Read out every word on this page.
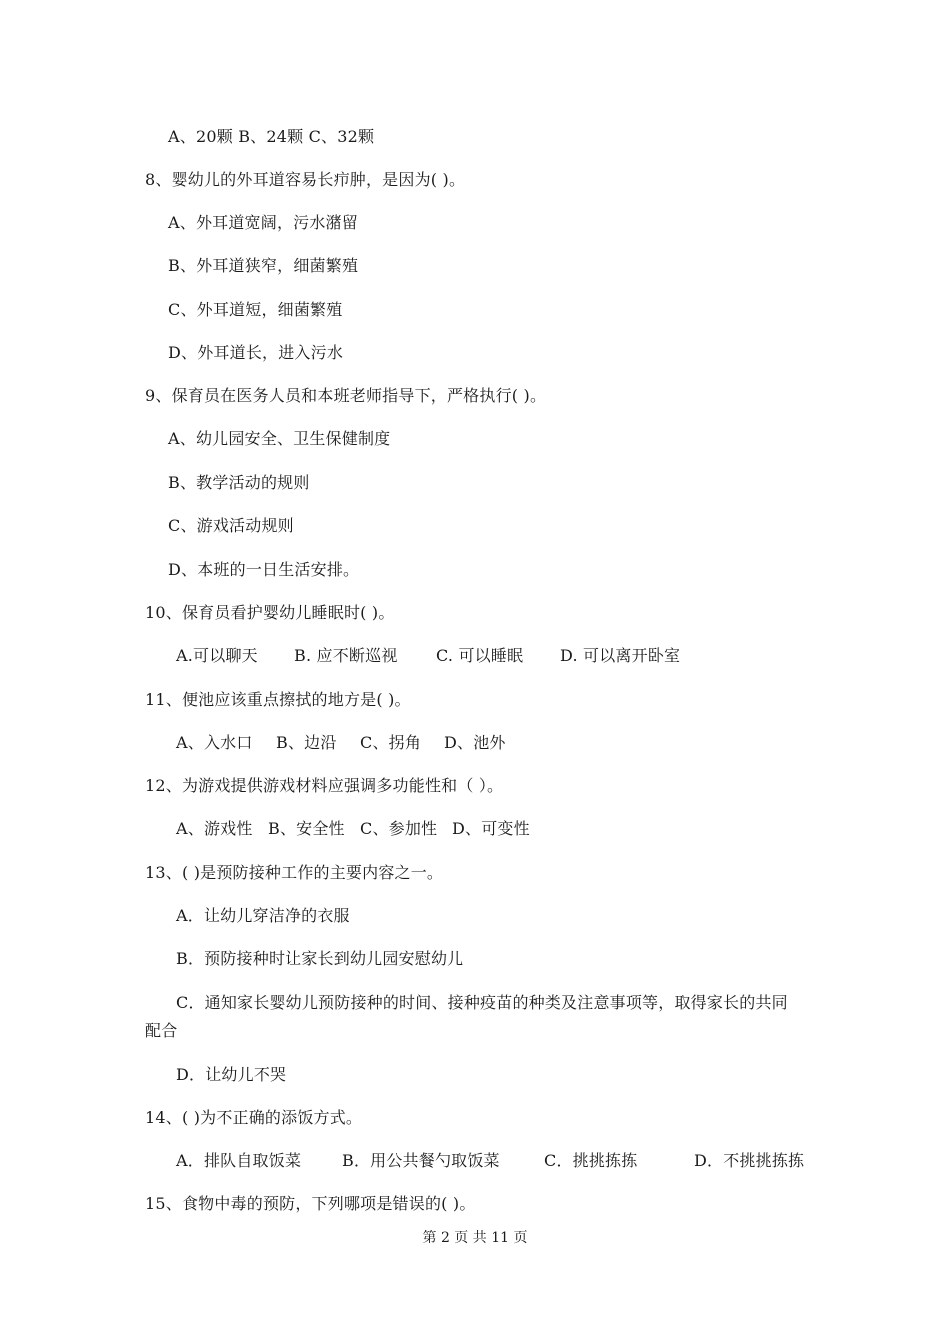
A、20颗 B、24颗 C、32颗
8、婴幼儿的外耳道容易长疖肿，是因为( )。
A、外耳道宽阔，污水潴留
B、外耳道狭窄，细菌繁殖
C、外耳道短，细菌繁殖
D、外耳道长，进入污水
9、保育员在医务人员和本班老师指导下，严格执行( )。
A、幼儿园安全、卫生保健制度
B、教学活动的规则
C、游戏活动规则
D、本班的一日生活安排。
10、保育员看护婴幼儿睡眠时( )。
A.可以聊天 B. 应不断巡视 C. 可以睡眠 D. 可以离开卧室
11、便池应该重点擦拭的地方是( )。
A、入水口 B、边沿 C、拐角 D、池外
12、为游戏提供游戏材料应强调多功能性和（ ）。
A、游戏性 B、安全性 C、参加性 D、可变性
13、( )是预防接种工作的主要内容之一。
A．让幼儿穿洁净的衣服
B．预防接种时让家长到幼儿园安慰幼儿
C．通知家长婴幼儿预防接种的时间、接种疫苗的种类及注意事项等，取得家长的共同
配合
D．让幼儿不哭
14、( )为不正确的添饭方式。
A．排队自取饭菜	B．用公共餐勺取饭菜	C．挑挑拣拣	D．不挑挑拣拣
15、食物中毒的预防，下列哪项是错误的( )。
第 2 页 共 11 页
